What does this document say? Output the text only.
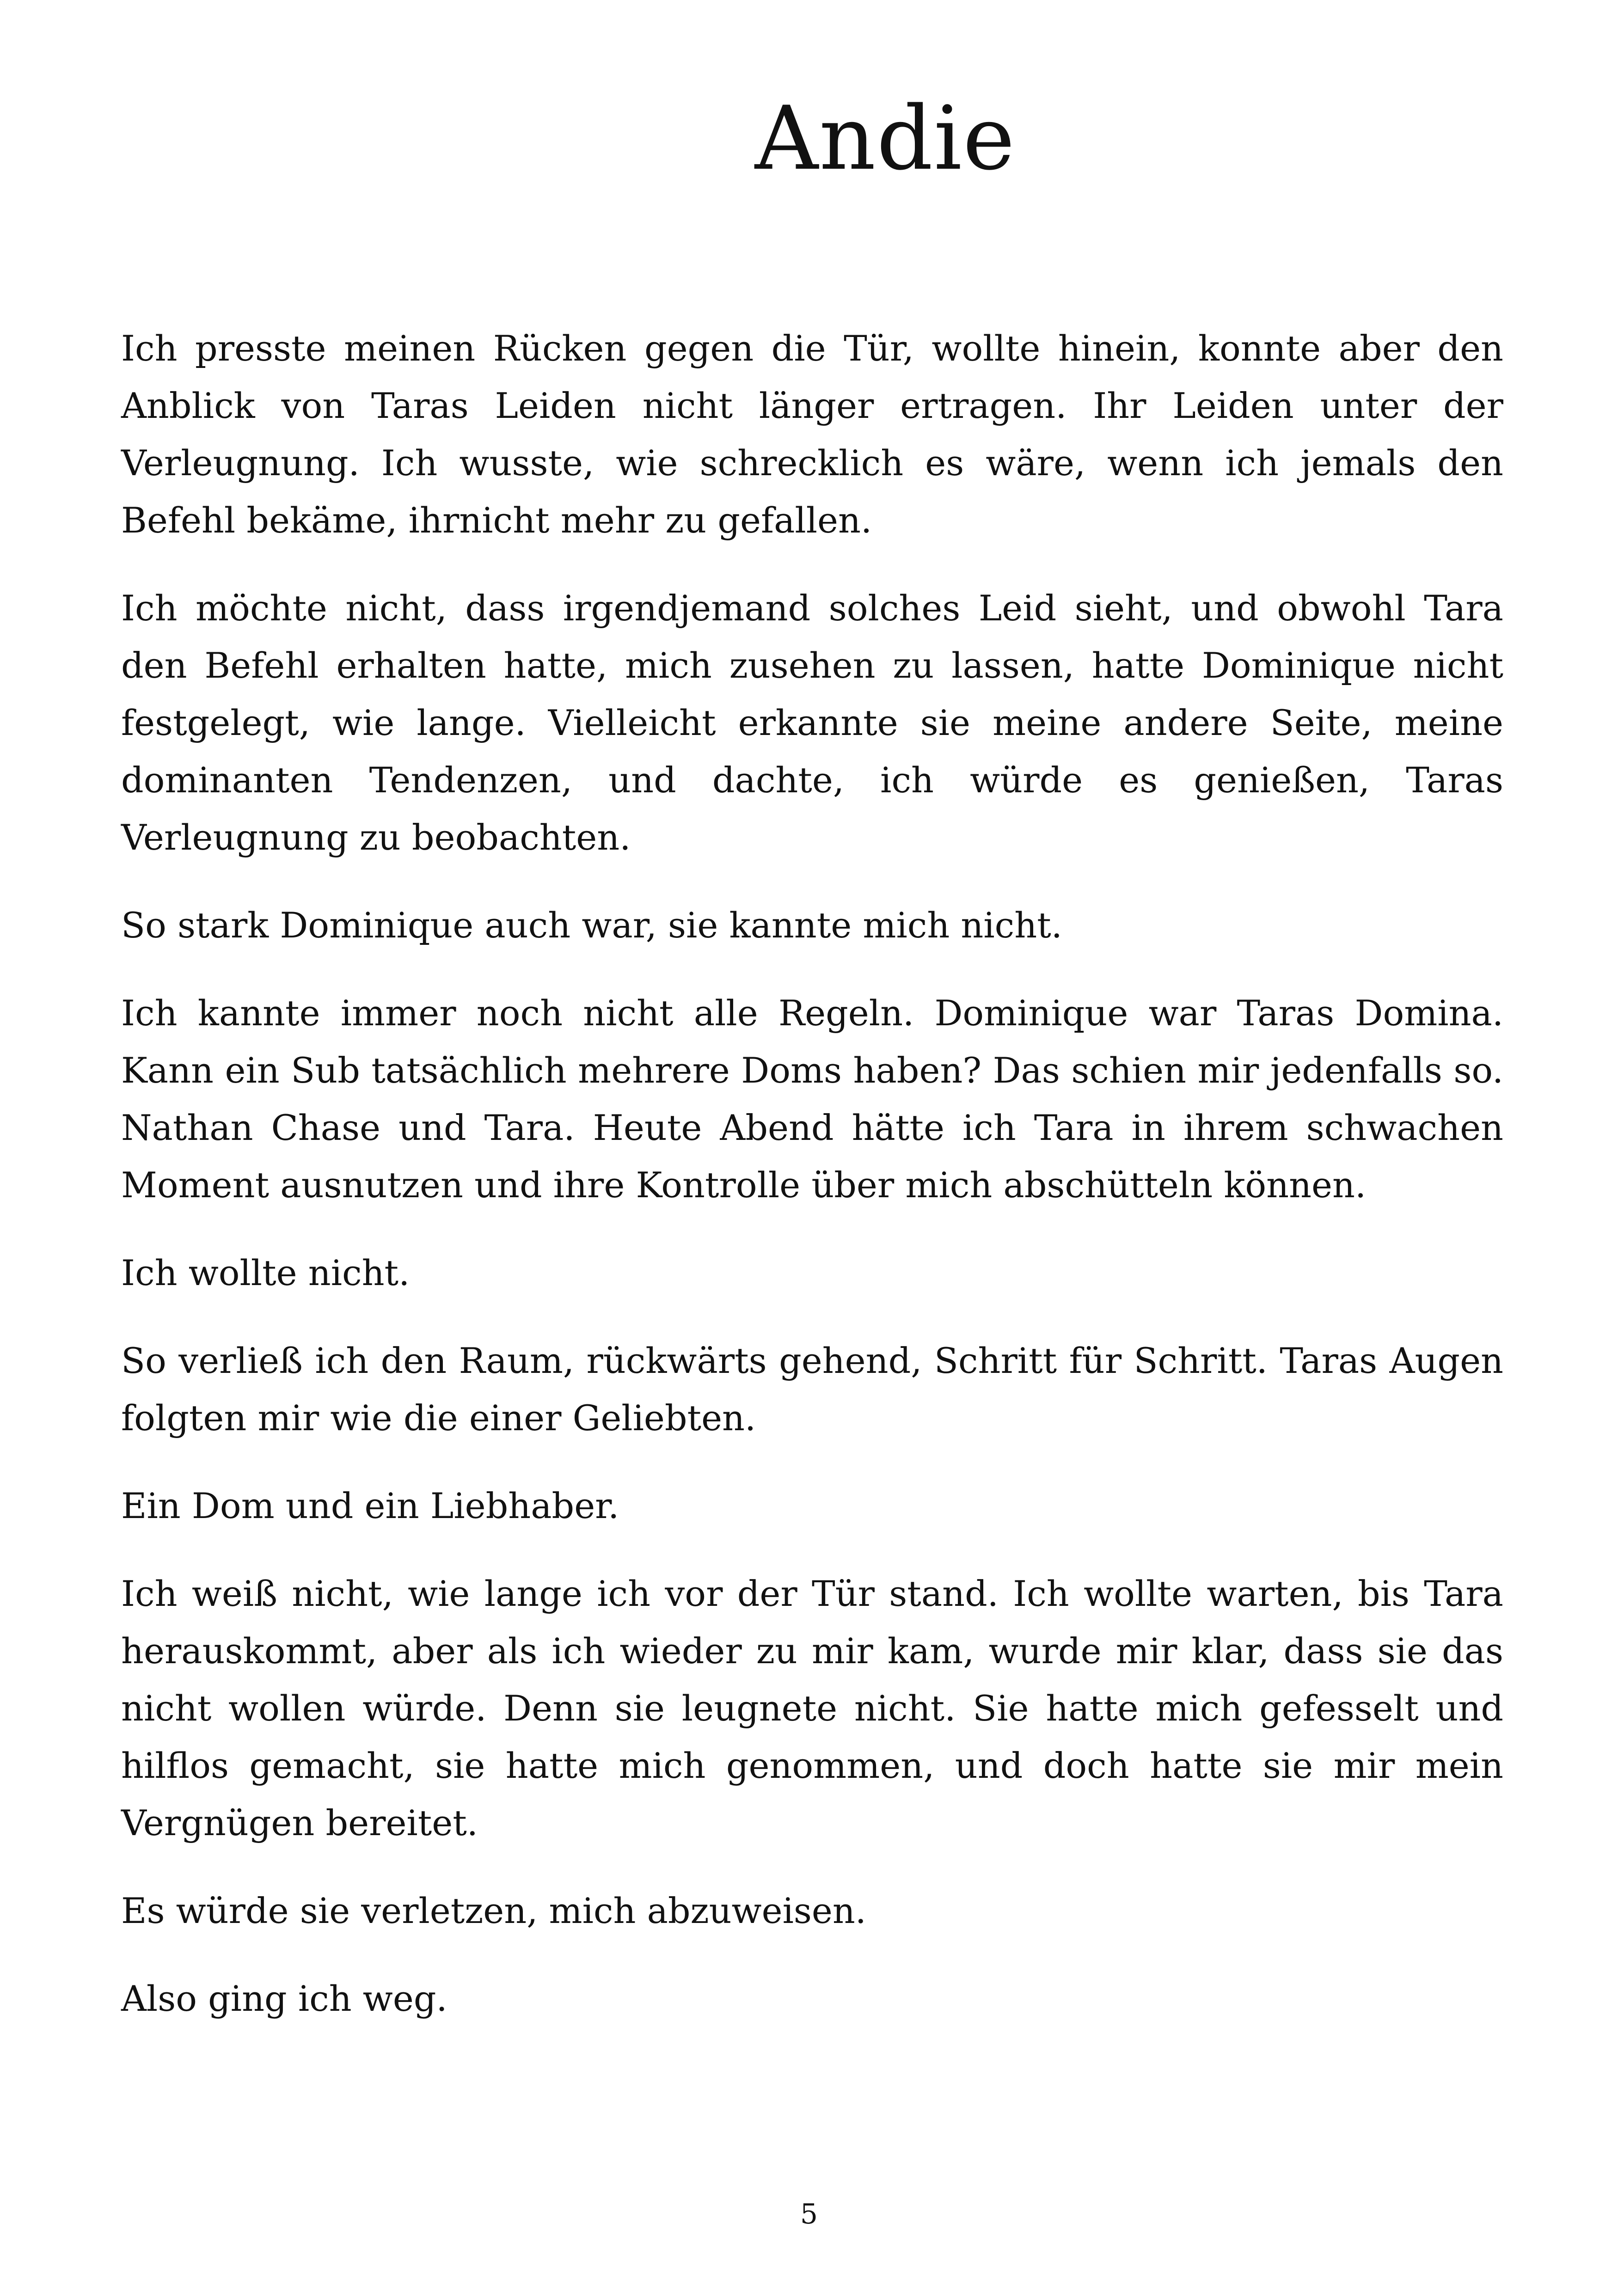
Andie

Ich presste meinen Rücken gegen die Tür, wollte hinein, konnte aber den Anblick von Taras Leiden nicht länger ertragen. Ihr Leiden unter der Verleugnung. Ich wusste, wie schrecklich es wäre, wenn ich jemals den Befehl bekäme, ihrnicht mehr zu gefallen.

Ich möchte nicht, dass irgendjemand solches Leid sieht, und obwohl Tara den Befehl erhalten hatte, mich zusehen zu lassen, hatte Dominique nicht festgelegt, wie lange. Vielleicht erkannte sie meine andere Seite, meine dominanten Tendenzen, und dachte, ich würde es genießen, Taras Verleugnung zu beobachten.

So stark Dominique auch war, sie kannte mich nicht.

Ich kannte immer noch nicht alle Regeln. Dominique war Taras Domina. Kann ein Sub tatsächlich mehrere Doms haben? Das schien mir jedenfalls so. Nathan Chase und Tara. Heute Abend hätte ich Tara in ihrem schwachen Moment ausnutzen und ihre Kontrolle über mich abschütteln können.

Ich wollte nicht.

So verließ ich den Raum, rückwärts gehend, Schritt für Schritt. Taras Augen folgten mir wie die einer Geliebten.

Ein Dom und ein Liebhaber.

Ich weiß nicht, wie lange ich vor der Tür stand. Ich wollte warten, bis Tara herauskommt, aber als ich wieder zu mir kam, wurde mir klar, dass sie das nicht wollen würde. Denn sie leugnete nicht. Sie hatte mich gefesselt und hilflos gemacht, sie hatte mich genommen, und doch hatte sie mir mein Vergnügen bereitet.

Es würde sie verletzen, mich abzuweisen.

Also ging ich weg.

5
